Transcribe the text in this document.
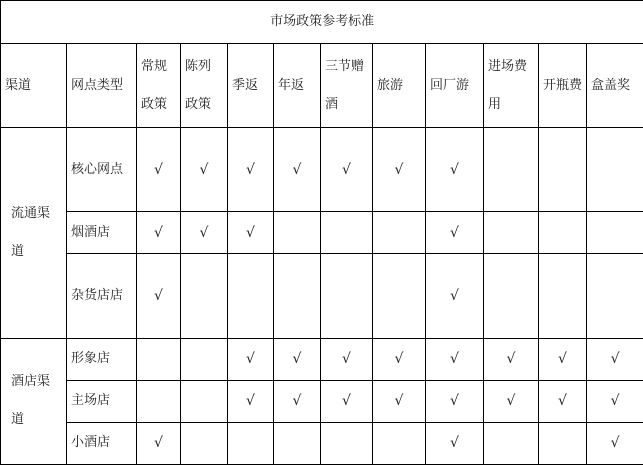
市场政策参考标准											
渠道	网点类型	常规政策	陈列政策	季返	年返	三节赠酒	旅游	回厂游	进场费用	开瓶费	盒盖奖
流通渠道	核心网点	√	√	√	√	√	√	√			
	烟酒店	√	√	√				√			
	杂货店店	√						√			
酒店渠道	形象店			√	√	√	√	√	√	√	√
	主场店			√	√	√	√	√	√	√	√
	小酒店	√						√			√
